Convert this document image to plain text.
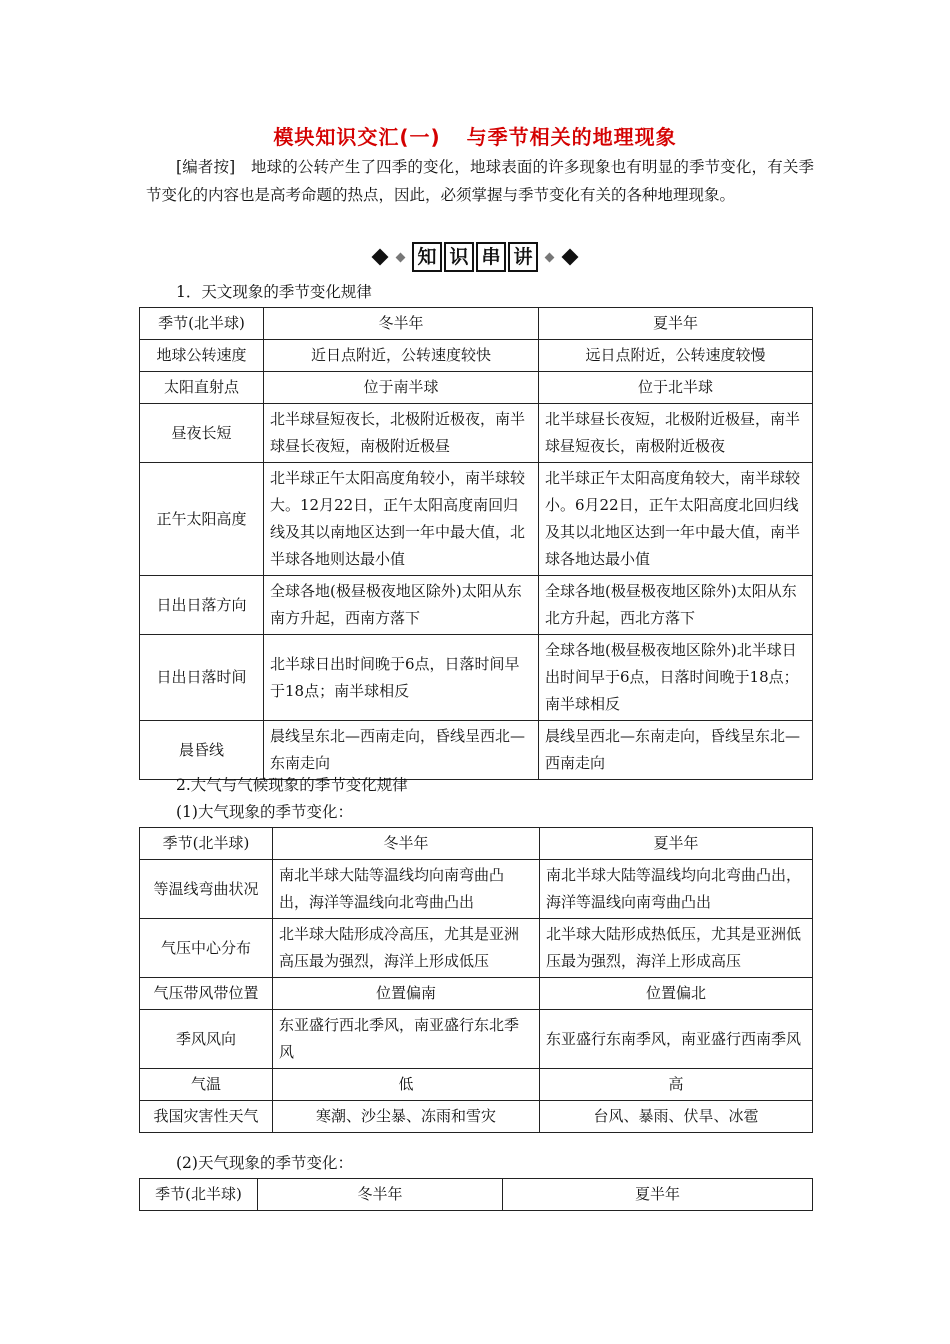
模块知识交汇(一) 与季节相关的地理现象
[编者按]　地球的公转产生了四季的变化，地球表面的许多现象也有明显的季节变化，有关季节变化的内容也是高考命题的热点，因此，必须掌握与季节变化有关的各种地理现象。
知 识 串 讲
1．天文现象的季节变化规律
季节(北半球)	冬半年	夏半年
地球公转速度	近日点附近，公转速度较快	远日点附近，公转速度较慢
太阳直射点	位于南半球	位于北半球
昼夜长短	北半球昼短夜长，北极附近极夜，南半球昼长夜短，南极附近极昼	北半球昼长夜短，北极附近极昼，南半球昼短夜长，南极附近极夜
正午太阳高度	北半球正午太阳高度角较小，南半球较大。12月22日，正午太阳高度南回归线及其以南地区达到一年中最大值，北半球各地则达最小值	北半球正午太阳高度角较大，南半球较小。6月22日，正午太阳高度北回归线及其以北地区达到一年中最大值，南半球各地达最小值
日出日落方向	全球各地(极昼极夜地区除外)太阳从东南方升起，西南方落下	全球各地(极昼极夜地区除外)太阳从东北方升起，西北方落下
日出日落时间	北半球日出时间晚于6点，日落时间早于18点；南半球相反	全球各地(极昼极夜地区除外)北半球日出时间早于6点，日落时间晚于18点；南半球相反
晨昏线	晨线呈东北—西南走向，昏线呈西北—东南走向	晨线呈西北—东南走向，昏线呈东北—西南走向
2.大气与气候现象的季节变化规律
(1)大气现象的季节变化：
季节(北半球)	冬半年	夏半年
等温线弯曲状况	南北半球大陆等温线均向南弯曲凸出，海洋等温线向北弯曲凸出	南北半球大陆等温线均向北弯曲凸出，海洋等温线向南弯曲凸出
气压中心分布	北半球大陆形成冷高压，尤其是亚洲高压最为强烈，海洋上形成低压	北半球大陆形成热低压，尤其是亚洲低压最为强烈，海洋上形成高压
气压带风带位置	位置偏南	位置偏北
季风风向	东亚盛行西北季风，南亚盛行东北季风	东亚盛行东南季风，南亚盛行西南季风
气温	低	高
我国灾害性天气	寒潮、沙尘暴、冻雨和雪灾	台风、暴雨、伏旱、冰雹
(2)天气现象的季节变化：
季节(北半球)	冬半年	夏半年
